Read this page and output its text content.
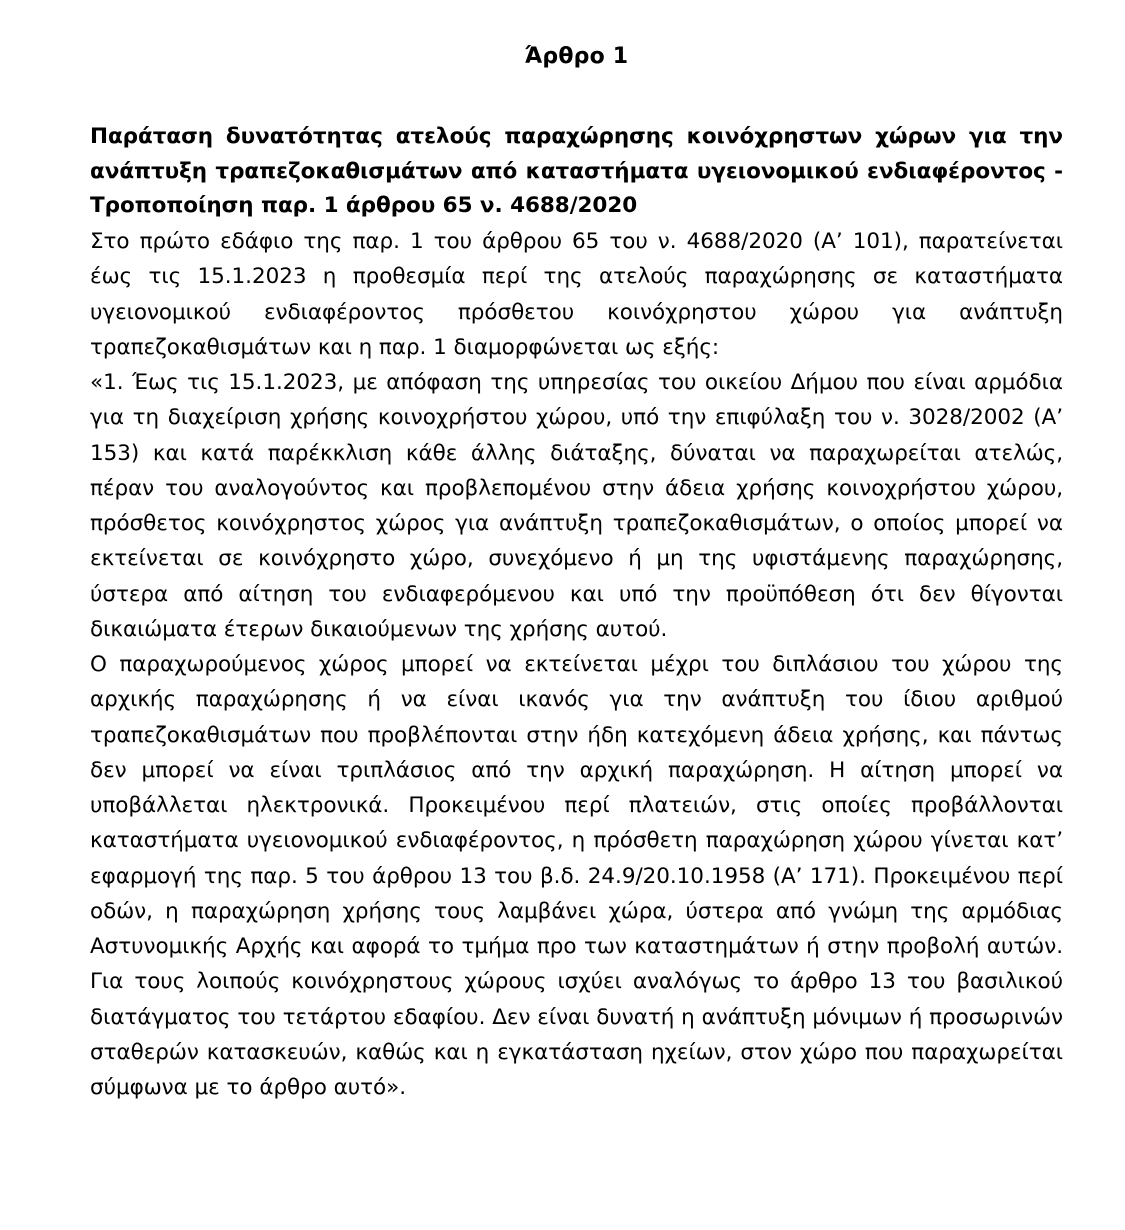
Άρθρο 1
Παράταση δυνατότητας ατελούς παραχώρησης κοινόχρηστων χώρων για την ανάπτυξη τραπεζοκαθισμάτων από καταστήματα υγειονομικού ενδιαφέροντος - Τροποποίηση παρ. 1 άρθρου 65 ν. 4688/2020

Στο πρώτο εδάφιο της παρ. 1 του άρθρου 65 του ν. 4688/2020 (Α’ 101), παρατείνεται έως τις 15.1.2023 η προθεσμία περί της ατελούς παραχώρησης σε καταστήματα υγειονομικού ενδιαφέροντος πρόσθετου κοινόχρηστου χώρου για ανάπτυξη τραπεζοκαθισμάτων και η παρ. 1 διαμορφώνεται ως εξής:

«1. Έως τις 15.1.2023, με απόφαση της υπηρεσίας του οικείου Δήμου που είναι αρμόδια για τη διαχείριση χρήσης κοινοχρήστου χώρου, υπό την επιφύλαξη του ν. 3028/2002 (Α’ 153) και κατά παρέκκλιση κάθε άλλης διάταξης, δύναται να παραχωρείται ατελώς, πέραν του αναλογούντος και προβλεπομένου στην άδεια χρήσης κοινοχρήστου χώρου, πρόσθετος κοινόχρηστος χώρος για ανάπτυξη τραπεζοκαθισμάτων, ο οποίος μπορεί να εκτείνεται σε κοινόχρηστο χώρο, συνεχόμενο ή μη της υφιστάμενης παραχώρησης, ύστερα από αίτηση του ενδιαφερόμενου και υπό την προϋπόθεση ότι δεν θίγονται δικαιώματα έτερων δικαιούμενων της χρήσης αυτού.

Ο παραχωρούμενος χώρος μπορεί να εκτείνεται μέχρι του διπλάσιου του χώρου της αρχικής παραχώρησης ή να είναι ικανός για την ανάπτυξη του ίδιου αριθμού τραπεζοκαθισμάτων που προβλέπονται στην ήδη κατεχόμενη άδεια χρήσης, και πάντως δεν μπορεί να είναι τριπλάσιος από την αρχική παραχώρηση. Η αίτηση μπορεί να υποβάλλεται ηλεκτρονικά. Προκειμένου περί πλατειών, στις οποίες προβάλλονται καταστήματα υγειονομικού ενδιαφέροντος, η πρόσθετη παραχώρηση χώρου γίνεται κατ’ εφαρμογή της παρ. 5 του άρθρου 13 του β.δ. 24.9/20.10.1958 (Α’ 171). Προκειμένου περί οδών, η παραχώρηση χρήσης τους λαμβάνει χώρα, ύστερα από γνώμη της αρμόδιας Αστυνομικής Αρχής και αφορά το τμήμα προ των καταστημάτων ή στην προβολή αυτών. Για τους λοιπούς κοινόχρηστους χώρους ισχύει αναλόγως το άρθρο 13 του βασιλικού διατάγματος του τετάρτου εδαφίου. Δεν είναι δυνατή η ανάπτυξη μόνιμων ή προσωρινών σταθερών κατασκευών, καθώς και η εγκατάσταση ηχείων, στον χώρο που παραχωρείται σύμφωνα με το άρθρο αυτό».
